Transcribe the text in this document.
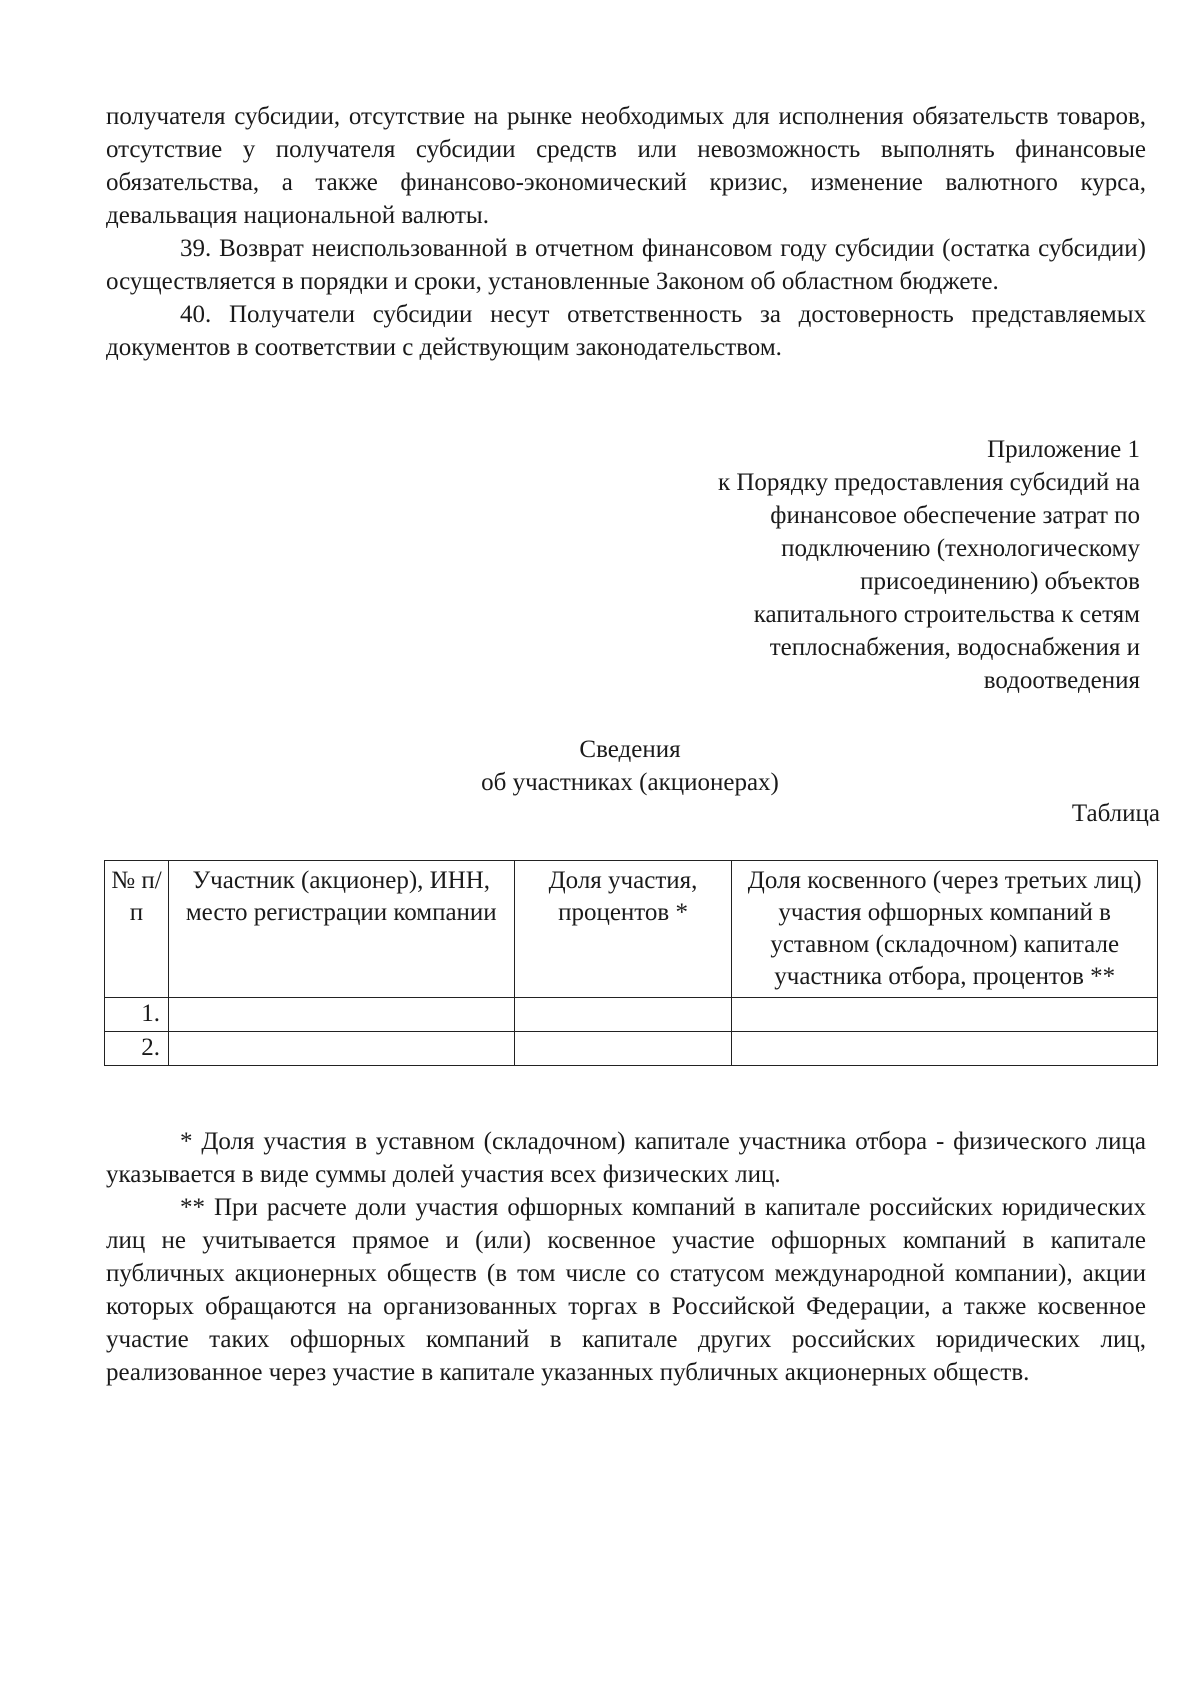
получателя субсидии, отсутствие на рынке необходимых для исполнения обязательств товаров, отсутствие у получателя субсидии средств или невозможность выполнять финансовые обязательства, а также финансово-экономический кризис, изменение валютного курса, девальвация национальной валюты.

39. Возврат неиспользованной в отчетном финансовом году субсидии (остатка субсидии) осуществляется в порядки и сроки, установленные Законом об областном бюджете.

40. Получатели субсидии несут ответственность за достоверность представляемых документов в соответствии с действующим законодательством.

Приложение 1
к Порядку предоставления субсидий на
финансовое обеспечение затрат по
подключению (технологическому
присоединению) объектов
капитального строительства к сетям
теплоснабжения, водоснабжения и
водоотведения
Сведения
об участниках (акционерах)
Таблица
№ п/п	Участник (акционер), ИНН, место регистрации компании	Доля участия, процентов *	Доля косвенного (через третьих лиц) участия офшорных компаний в уставном (складочном) капитале участника отбора, процентов **
1.			
2.			

* Доля участия в уставном (складочном) капитале участника отбора - физического лица указывается в виде суммы долей участия всех физических лиц.

** При расчете доли участия офшорных компаний в капитале российских юридических лиц не учитывается прямое и (или) косвенное участие офшорных компаний в капитале публичных акционерных обществ (в том числе со статусом международной компании), акции которых обращаются на организованных торгах в Российской Федерации, а также косвенное участие таких офшорных компаний в капитале других российских юридических лиц, реализованное через участие в капитале указанных публичных акционерных обществ.
